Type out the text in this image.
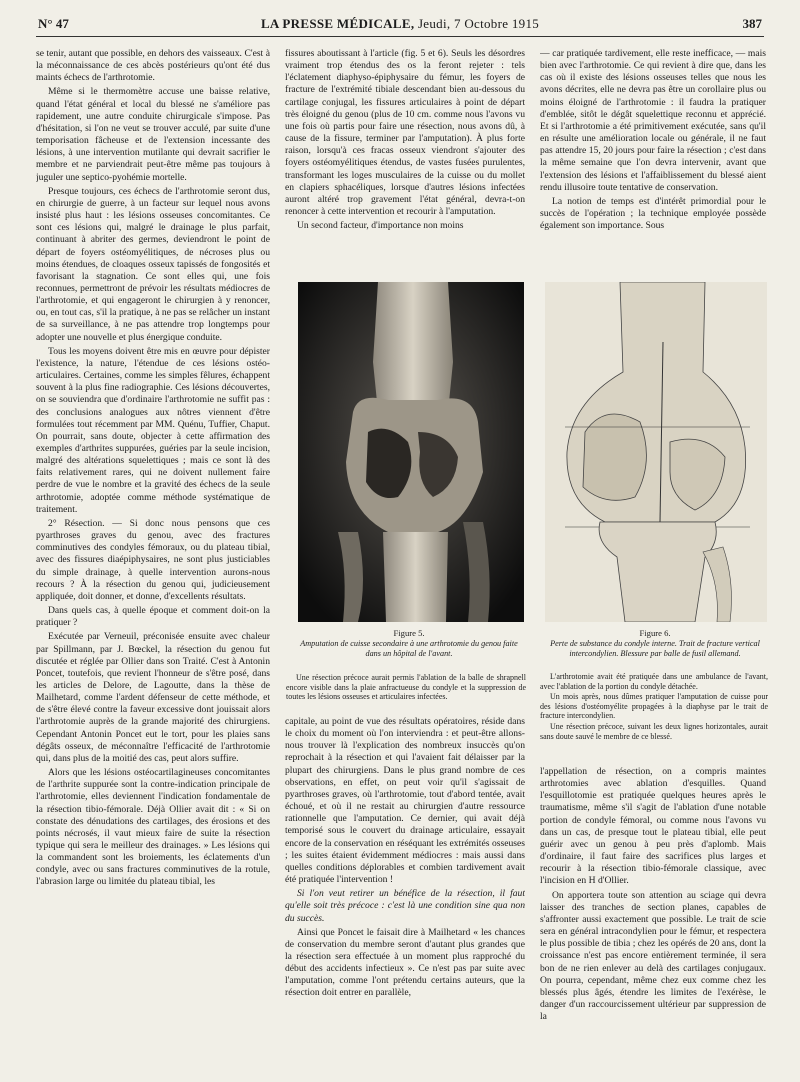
N° 47	LA PRESSE MÉDICALE, Jeudi, 7 Octobre 1915	387

se tenir, autant que possible, en dehors des vaisseaux. C'est à la méconnaissance de ces abcès postérieurs qu'ont été dus maints échecs de l'arthrotomie.

Même si le thermomètre accuse une baisse relative, quand l'état général et local du blessé ne s'améliore pas rapidement, une autre conduite chirurgicale s'impose. Pas d'hésitation, si l'on ne veut se trouver acculé, par suite d'une temporisation fâcheuse et de l'extension incessante des lésions, à une intervention mutilante qui devrait sacrifier le membre et ne parviendrait peut-être même pas toujours à juguler une septico-pyohémie mortelle.

Presque toujours, ces échecs de l'arthrotomie seront dus, en chirurgie de guerre, à un facteur sur lequel nous avons insisté plus haut : les lésions osseuses concomitantes. Ce sont ces lésions qui, malgré le drainage le plus parfait, continuant à abriter des germes, deviendront le point de départ de foyers ostéomyélitiques, de nécroses plus ou moins étendues, de cloaques osseux tapissés de fongosités et favorisant la stagnation. Ce sont elles qui, une fois reconnues, permettront de prévoir les résultats médiocres de l'arthrotomie, et qui engageront le chirurgien à y renoncer, ou, en tout cas, s'il la pratique, à ne pas se relâcher un instant de sa surveillance, à ne pas attendre trop longtemps pour adopter une nouvelle et plus énergique conduite.

Tous les moyens doivent être mis en œuvre pour dépister l'existence, la nature, l'étendue de ces lésions ostéo-articulaires. Certaines, comme les simples fêlures, échappent souvent à la plus fine radiographie. Ces lésions découvertes, on se souviendra que d'ordinaire l'arthrotomie ne suffit pas : des conclusions analogues aux nôtres viennent d'être formulées tout récemment par MM. Quénu, Tuffier, Chaput. On pourrait, sans doute, objecter à cette affirmation des exemples d'arthrites suppurées, guéries par la seule incision, malgré des altérations squelettiques ; mais ce sont là des faits relativement rares, qui ne doivent nullement faire perdre de vue le nombre et la gravité des échecs de la seule arthrotomie, adoptée comme méthode systématique de traitement.

2° Résection. — Si donc nous pensons que ces pyarthroses graves du genou, avec des fractures comminutives des condyles fémoraux, ou du plateau tibial, avec des fissures diaépiphysaires, ne sont plus justiciables du simple drainage, à quelle intervention aurons-nous recours ? À la résection du genou qui, judicieusement appliquée, doit donner, et donne, d'excellents résultats.

Dans quels cas, à quelle époque et comment doit-on la pratiquer ?

Exécutée par Verneuil, préconisée ensuite avec chaleur par Spillmann, par J. Bœckel, la résection du genou fut discutée et réglée par Ollier dans son Traité. C'est à Antonin Poncet, toutefois, que revient l'honneur de s'être posé, dans les articles de Delore, de Lagoutte, dans la thèse de Mailhetard, comme l'ardent défenseur de cette méthode, et de s'être élevé contre la faveur excessive dont jouissait alors l'arthrotomie auprès de la grande majorité des chirurgiens. Cependant Antonin Poncet eut le tort, pour les plaies sans dégâts osseux, de méconnaître l'efficacité de l'arthrotomie qui, dans plus de la moitié des cas, peut alors suffire.

Alors que les lésions ostéocartilagineuses concomitantes de l'arthrite suppurée sont la contre-indication principale de l'arthrotomie, elles deviennent l'indication fondamentale de la résection tibio-fémorale. Déjà Ollier avait dit : « Si on constate des dénudations des cartilages, des érosions et des points nécrosés, il vaut mieux faire de suite la résection typique qui sera le meilleur des drainages. » Les lésions qui la commandent sont les broiements, les éclatements d'un condyle, avec ou sans fractures comminutives de la rotule, l'abrasion large ou limitée du plateau tibial, les

fissures aboutissant à l'article (fig. 5 et 6). Seuls les désordres vraiment trop étendus des os la feront rejeter : tels l'éclatement diaphyso-épiphysaire du fémur, les foyers de fracture de l'extrémité tibiale descendant bien au-dessous du cartilage conjugal, les fissures articulaires à point de départ très éloigné du genou (plus de 10 cm. comme nous l'avons vu une fois où partis pour faire une résection, nous avons dû, à cause de la fissure, terminer par l'amputation). À plus forte raison, lorsqu'à ces fracas osseux viendront s'ajouter des foyers ostéomyélitiques étendus, de vastes fusées purulentes, transformant les loges musculaires de la cuisse ou du mollet en clapiers sphacéliques, lorsque d'autres lésions infectées auront altéré trop gravement l'état général, devra-t-on renoncer à cette intervention et recourir à l'amputation.

Un second facteur, d'importance non moins

— car pratiquée tardivement, elle reste inefficace, — mais bien avec l'arthrotomie. Ce qui revient à dire que, dans les cas où il existe des lésions osseuses telles que nous les avons décrites, elle ne devra pas être un corollaire plus ou moins éloigné de l'arthrotomie : il faudra la pratiquer d'emblée, sitôt le dégât squelettique reconnu et apprécié. Et si l'arthrotomie a été primitivement exécutée, sans qu'il en résulte une amélioration locale ou générale, il ne faut pas attendre 15, 20 jours pour faire la résection ; c'est dans la même semaine que l'on devra intervenir, avant que l'extension des lésions et l'affaiblissement du blessé aient rendu illusoire toute tentative de conservation.

La notion de temps est d'intérêt primordial pour le succès de l'opération ; la technique employée possède également son importance. Sous

Figure 5.
Amputation de cuisse secondaire à une arthrotomie du genou faite dans un hôpital de l'avant.
Figure 6.
Perte de substance du condyle interne. Trait de fracture vertical intercondylien. Blessure par balle de fusil allemand.

Une résection précoce aurait permis l'ablation de la balle de shrapnell encore visible dans la plaie anfractueuse du condyle et la suppression de toutes les lésions osseuses et articulaires infectées.

L'arthrotomie avait été pratiquée dans une ambulance de l'avant, avec l'ablation de la portion du condyle détachée.

Un mois après, nous dûmes pratiquer l'amputation de cuisse pour des lésions d'ostéomyélite propagées à la diaphyse par le trait de fracture intercondylien.

Une résection précoce, suivant les deux lignes horizontales, aurait sans doute sauvé le membre de ce blessé.

capitale, au point de vue des résultats opératoires, réside dans le choix du moment où l'on interviendra : et peut-être allons-nous trouver là l'explication des nombreux insuccès qu'on reprochait à la résection et qui l'avaient fait délaisser par la plupart des chirurgiens. Dans le plus grand nombre de ces observations, en effet, on peut voir qu'il s'agissait de pyarthroses graves, où l'arthrotomie, tout d'abord tentée, avait échoué, et où il ne restait au chirurgien d'autre ressource rationnelle que l'amputation. Ce dernier, qui avait déjà temporisé sous le couvert du drainage articulaire, essayait encore de la conservation en réséquant les extrémités osseuses ; les suites étaient évidemment médiocres : mais aussi dans quelles conditions déplorables et combien tardivement avait été pratiquée l'intervention !

Si l'on veut retirer un bénéfice de la résection, il faut qu'elle soit très précoce : c'est là une condition sine qua non du succès.

Ainsi que Poncet le faisait dire à Mailhetard « les chances de conservation du membre seront d'autant plus grandes que la résection sera effectuée à un moment plus rapproché du début des accidents infectieux ». Ce n'est pas par suite avec l'amputation, comme l'ont prétendu certains auteurs, que la résection doit entrer en parallèle,

l'appellation de résection, on a compris maintes arthrotomies avec ablation d'esquilles. Quand l'esquillotomie est pratiquée quelques heures après le traumatisme, même s'il s'agit de l'ablation d'une notable portion de condyle fémoral, ou comme nous l'avons vu dans un cas, de presque tout le plateau tibial, elle peut guérir avec un genou à peu près d'aplomb. Mais d'ordinaire, il faut faire des sacrifices plus larges et recourir à la résection tibio-fémorale classique, avec l'incision en H d'Ollier.

On apportera toute son attention au sciage qui devra laisser des tranches de section planes, capables de s'affronter aussi exactement que possible. Le trait de scie sera en général intracondylien pour le fémur, et respectera le plus possible de tibia ; chez les opérés de 20 ans, dont la croissance n'est pas encore entièrement terminée, il sera bon de ne rien enlever au delà des cartilages conjugaux. On pourra, cependant, même chez eux comme chez les blessés plus âgés, étendre les limites de l'exérèse, le danger d'un raccourcissement ultérieur par suppression de la
